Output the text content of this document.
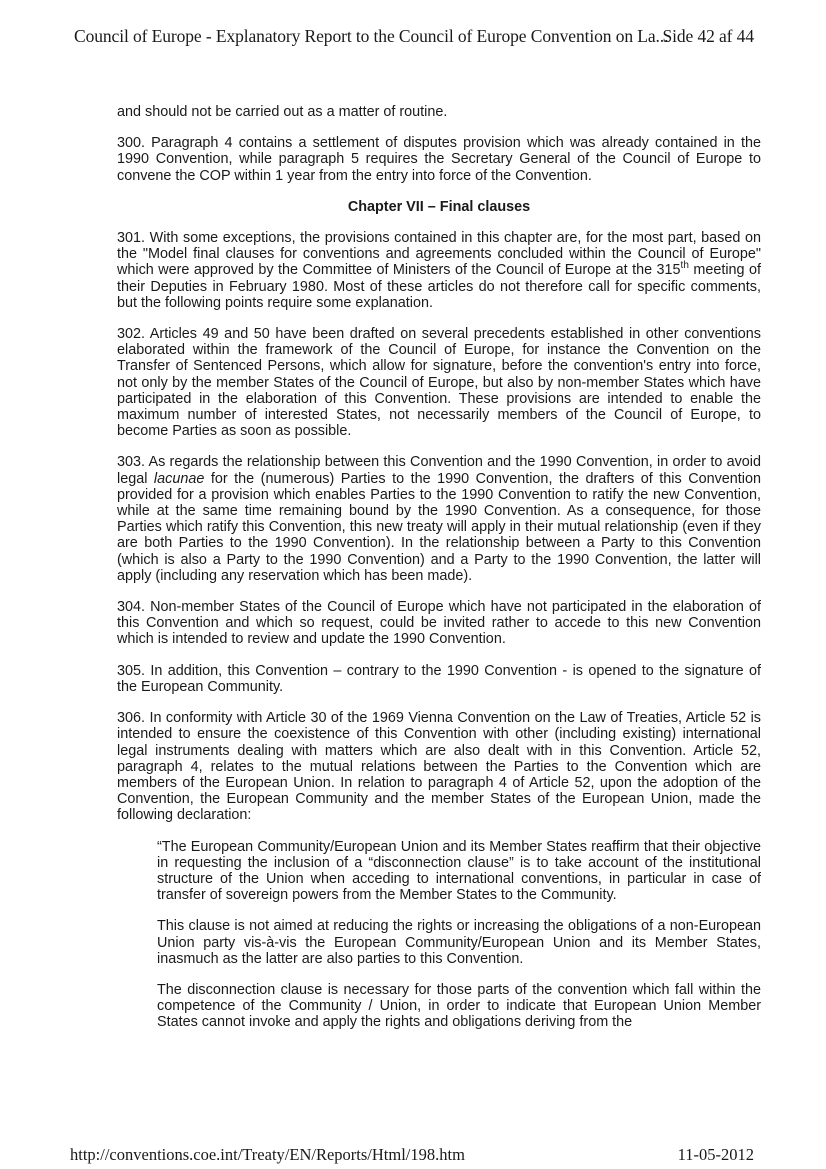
Council of Europe - Explanatory Report to the Council of Europe Convention on La...
Side 42 af 44

and should not be carried out as a matter of routine.

300. Paragraph 4 contains a settlement of disputes provision which was already contained in the 1990 Convention, while paragraph 5 requires the Secretary General of the Council of Europe to convene the COP within 1 year from the entry into force of the Convention.

Chapter VII – Final clauses

301. With some exceptions, the provisions contained in this chapter are, for the most part, based on the "Model final clauses for conventions and agreements concluded within the Council of Europe" which were approved by the Committee of Ministers of the Council of Europe at the 315th meeting of their Deputies in February 1980. Most of these articles do not therefore call for specific comments, but the following points require some explanation.

302. Articles 49 and 50 have been drafted on several precedents established in other conventions elaborated within the framework of the Council of Europe, for instance the Convention on the Transfer of Sentenced Persons, which allow for signature, before the convention's entry into force, not only by the member States of the Council of Europe, but also by non-member States which have participated in the elaboration of this Convention. These provisions are intended to enable the maximum number of interested States, not necessarily members of the Council of Europe, to become Parties as soon as possible.

303. As regards the relationship between this Convention and the 1990 Convention, in order to avoid legal lacunae for the (numerous) Parties to the 1990 Convention, the drafters of this Convention provided for a provision which enables Parties to the 1990 Convention to ratify the new Convention, while at the same time remaining bound by the 1990 Convention. As a consequence, for those Parties which ratify this Convention, this new treaty will apply in their mutual relationship (even if they are both Parties to the 1990 Convention). In the relationship between a Party to this Convention (which is also a Party to the 1990 Convention) and a Party to the 1990 Convention, the latter will apply (including any reservation which has been made).

304. Non-member States of the Council of Europe which have not participated in the elaboration of this Convention and which so request, could be invited rather to accede to this new Convention which is intended to review and update the 1990 Convention.

305. In addition, this Convention – contrary to the 1990 Convention - is opened to the signature of the European Community.

306. In conformity with Article 30 of the 1969 Vienna Convention on the Law of Treaties, Article 52 is intended to ensure the coexistence of this Convention with other (including existing) international legal instruments dealing with matters which are also dealt with in this Convention. Article 52, paragraph 4, relates to the mutual relations between the Parties to the Convention which are members of the European Union. In relation to paragraph 4 of Article 52, upon the adoption of the Convention, the European Community and the member States of the European Union, made the following declaration:

“The European Community/European Union and its Member States reaffirm that their objective in requesting the inclusion of a “disconnection clause” is to take account of the institutional structure of the Union when acceding to international conventions, in particular in case of transfer of sovereign powers from the Member States to the Community.

This clause is not aimed at reducing the rights or increasing the obligations of a non-European Union party vis-à-vis the European Community/European Union and its Member States, inasmuch as the latter are also parties to this Convention.

The disconnection clause is necessary for those parts of the convention which fall within the competence of the Community / Union, in order to indicate that European Union Member States cannot invoke and apply the rights and obligations deriving from the

http://conventions.coe.int/Treaty/EN/Reports/Html/198.htm	11-05-2012
